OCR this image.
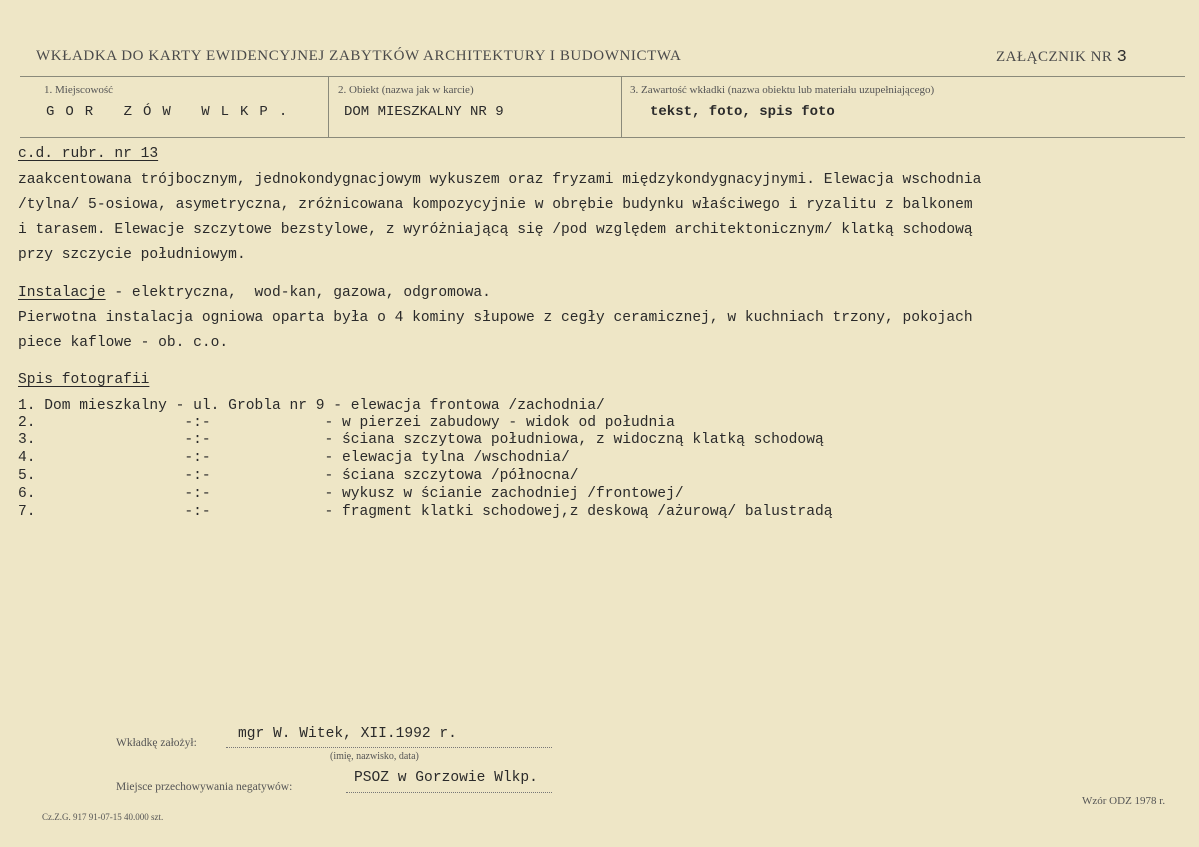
WKŁADKA DO KARTY EWIDENCYJNEJ ZABYTKÓW ARCHITEKTURY I BUDOWNICTWA	ZAŁĄCZNIK NR 3
1. Miejscowość
GOR ZÓW WLKP.
2. Obiekt (nazwa jak w karcie)
DOM MIESZKALNY NR 9
3. Zawartość wkładki (nazwa obiektu lub materiału uzupełniającego)
tekst, foto, spis foto
c.d. rubr. nr 13
zaakcentowana trójbocznym, jednokondygnacjowym wykuszem oraz fryzami międzykondygnacyjnymi. Elewacja wschodnia
/tylna/ 5-osiowa, asymetryczna, zróżnicowana kompozycyjnie w obrębie budynku właściwego i ryzalitu z balkonem
i tarasem. Elewacje szczytowe bezstylowe, z wyróżniającą się /pod względem architektonicznym/ klatką schodową
przy szczycie południowym.
Instalacje - elektryczna,  wod-kan, gazowa, odgromowa.
Pierwotna instalacja ogniowa oparta była o 4 kominy słupowe z cegły ceramicznej, w kuchniach trzony, pokojach
piece kaflowe - ob. c.o.
Spis fotografii
1. Dom mieszkalny - ul. Grobla nr 9 - elewacja frontowa /zachodnia/
2.                 -:-             - w pierzei zabudowy - widok od południa
3.                 -:-             - ściana szczytowa południowa, z widoczną klatką schodową
4.                 -:-             - elewacja tylna /wschodnia/
5.                 -:-             - ściana szczytowa /północna/
6.                 -:-             - wykusz w ścianie zachodniej /frontowej/
7.                 -:-             - fragment klatki schodowej,z deskową /ażurową/ balustradą
Wkładkę założył:
mgr W. Witek, XII.1992 r.
(imię, nazwisko, data)
Miejsce przechowywania negatywów:
PSOZ w Gorzowie Wlkp.
Cz.Z.G. 917 91-07-15 40.000 szt.
Wzór ODZ 1978 r.
